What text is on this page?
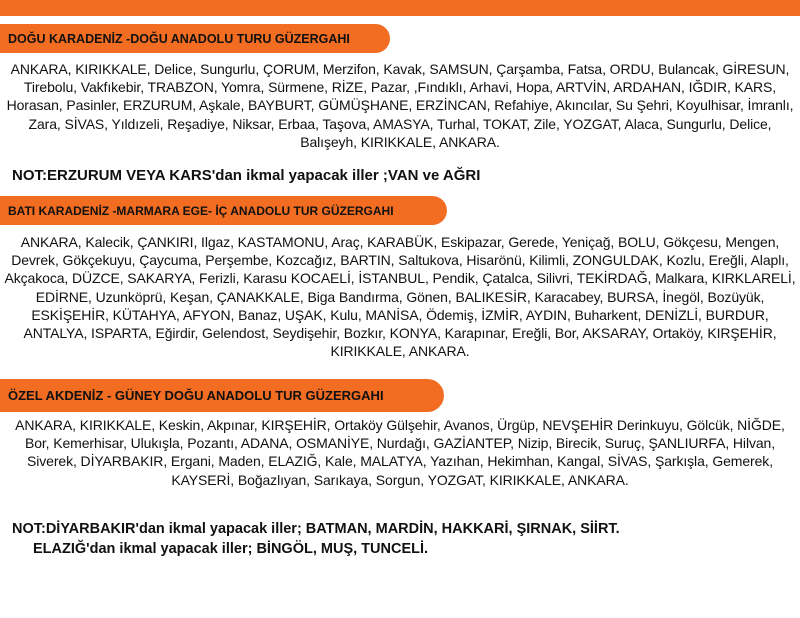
DOĞU KARADENİZ -DOĞU ANADOLU TURU GÜZERGAHI
ANKARA, KIRIKKALE, Delice, Sungurlu, ÇORUM, Merzifon, Kavak, SAMSUN, Çarşamba, Fatsa, ORDU, Bulancak, GİRESUN, Tirebolu, Vakfıkebir, TRABZON, Yomra, Sürmene, RİZE, Pazar, ,Fındıklı, Arhavi, Hopa, ARTVİN, ARDAHAN, IĞDIR, KARS, Horasan, Pasinler, ERZURUM, Aşkale, BAYBURT, GÜMÜŞHANE, ERZİNCAN, Refahiye, Akıncılar, Su Şehri, Koyulhisar, İmranlı, Zara, SİVAS, Yıldızeli, Reşadiye, Niksar, Erbaa, Taşova, AMASYA, Turhal, TOKAT, Zile, YOZGAT, Alaca, Sungurlu, Delice, Balışeyh, KIRIKKALE, ANKARA.
NOT:ERZURUM VEYA KARS'dan ikmal yapacak iller ;VAN ve AĞRI
BATI KARADENİZ -MARMARA EGE- İÇ ANADOLU TUR GÜZERGAHI
ANKARA, Kalecik, ÇANKIRI, Ilgaz, KASTAMONU, Araç, KARABÜK, Eskipazar, Gerede, Yeniçağ, BOLU, Gökçesu, Mengen, Devrek, Gökçekuyu, Çaycuma, Perşembe, Kozcağız, BARTIN, Saltukova, Hisarönü, Kilimli, ZONGULDAK, Kozlu, Ereğli, Alaplı, Akçakoca, DÜZCE, SAKARYA, Ferizli, Karasu KOCAELİ, İSTANBUL, Pendik, Çatalca, Silivri, TEKİRDAĞ, Malkara, KIRKLARELİ, EDİRNE, Uzunköprü, Keşan, ÇANAKKALE, Biga Bandırma, Gönen, BALIKESİR, Karacabey, BURSA, İnegöl, Bozüyük, ESKİŞEHİR, KÜTAHYA, AFYON, Banaz, UŞAK, Kulu, MANİSA, Ödemiş, İZMİR, AYDIN, Buharkent, DENİZLİ, BURDUR, ANTALYA, ISPARTA, Eğirdir, Gelendost, Seydişehir, Bozkır, KONYA, Karapınar, Ereğli, Bor, AKSARAY, Ortaköy, KIRŞEHİR, KIRIKKALE, ANKARA.
ÖZEL AKDENİZ - GÜNEY DOĞU ANADOLU TUR GÜZERGAHI
ANKARA, KIRIKKALE, Keskin, Akpınar, KIRŞEHİR, Ortaköy Gülşehir, Avanos, Ürgüp, NEVŞEHİR Derinkuyu, Gölcük, NİĞDE, Bor, Kemerhisar, Ulukışla, Pozantı, ADANA, OSMANİYE, Nurdağı, GAZİANTEP, Nizip, Birecik, Suruç, ŞANLIURFA, Hilvan, Siverek, DİYARBAKIR, Ergani, Maden, ELAZIĞ, Kale, MALATYA, Yazıhan, Hekimhan, Kangal, SİVAS, Şarkışla, Gemerek, KAYSERİ, Boğazlıyan, Sarıkaya, Sorgun, YOZGAT, KIRIKKALE, ANKARA.
NOT:DİYARBAKIR'dan ikmal yapacak iller; BATMAN, MARDİN, HAKKARİ, ŞIRNAK, SİİRT.
ELAZIĞ'dan ikmal yapacak iller; BİNGÖL, MUŞ, TUNCELİ.
